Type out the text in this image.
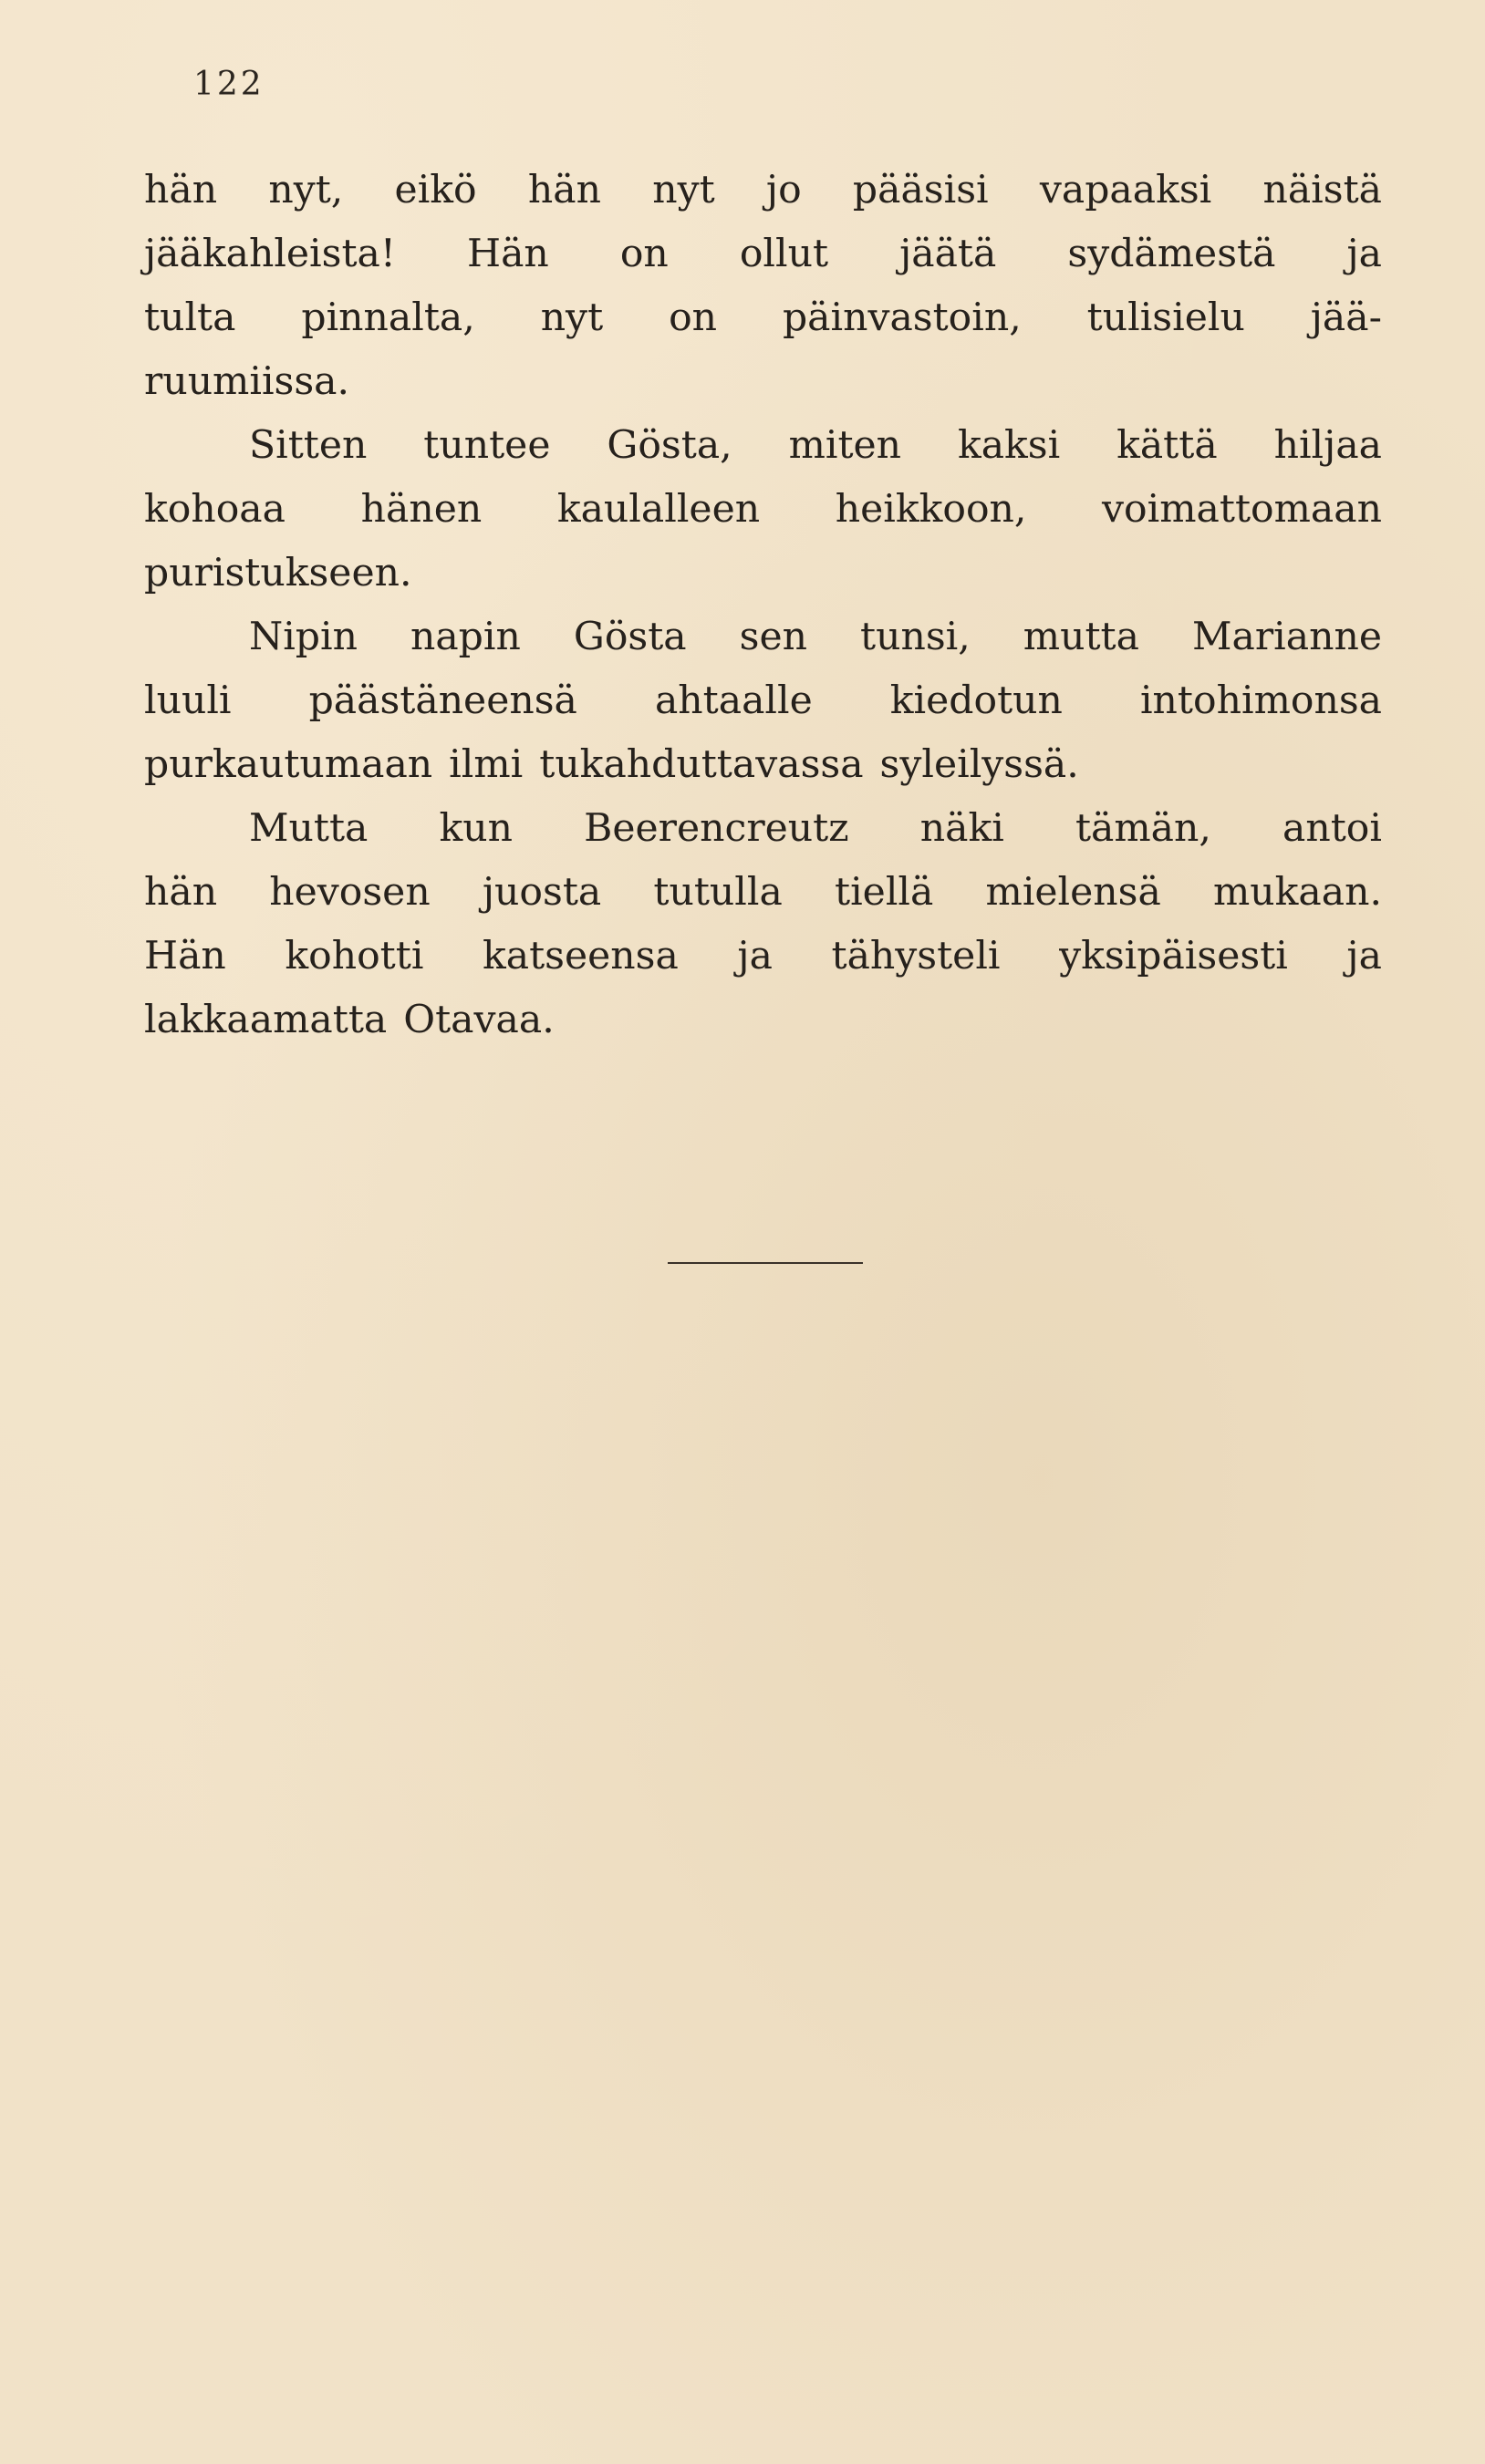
122
hän nyt, eikö hän nyt jo pääsisi vapaaksi näistä
jääkahleista! Hän on ollut jäätä sydämestä ja
tulta pinnalta, nyt on päinvastoin, tulisielu jää-
ruumiissa.
Sitten tuntee Gösta, miten kaksi kättä hiljaa
kohoaa hänen kaulalleen heikkoon, voimattomaan
puristukseen.
Nipin napin Gösta sen tunsi, mutta Marianne
luuli päästäneensä ahtaalle kiedotun intohimonsa
purkautumaan ilmi tukahduttavassa syleilyssä.
Mutta kun Beerencreutz näki tämän, antoi
hän hevosen juosta tutulla tiellä mielensä mukaan.
Hän kohotti katseensa ja tähysteli yksipäisesti ja
lakkaamatta Otavaa.
